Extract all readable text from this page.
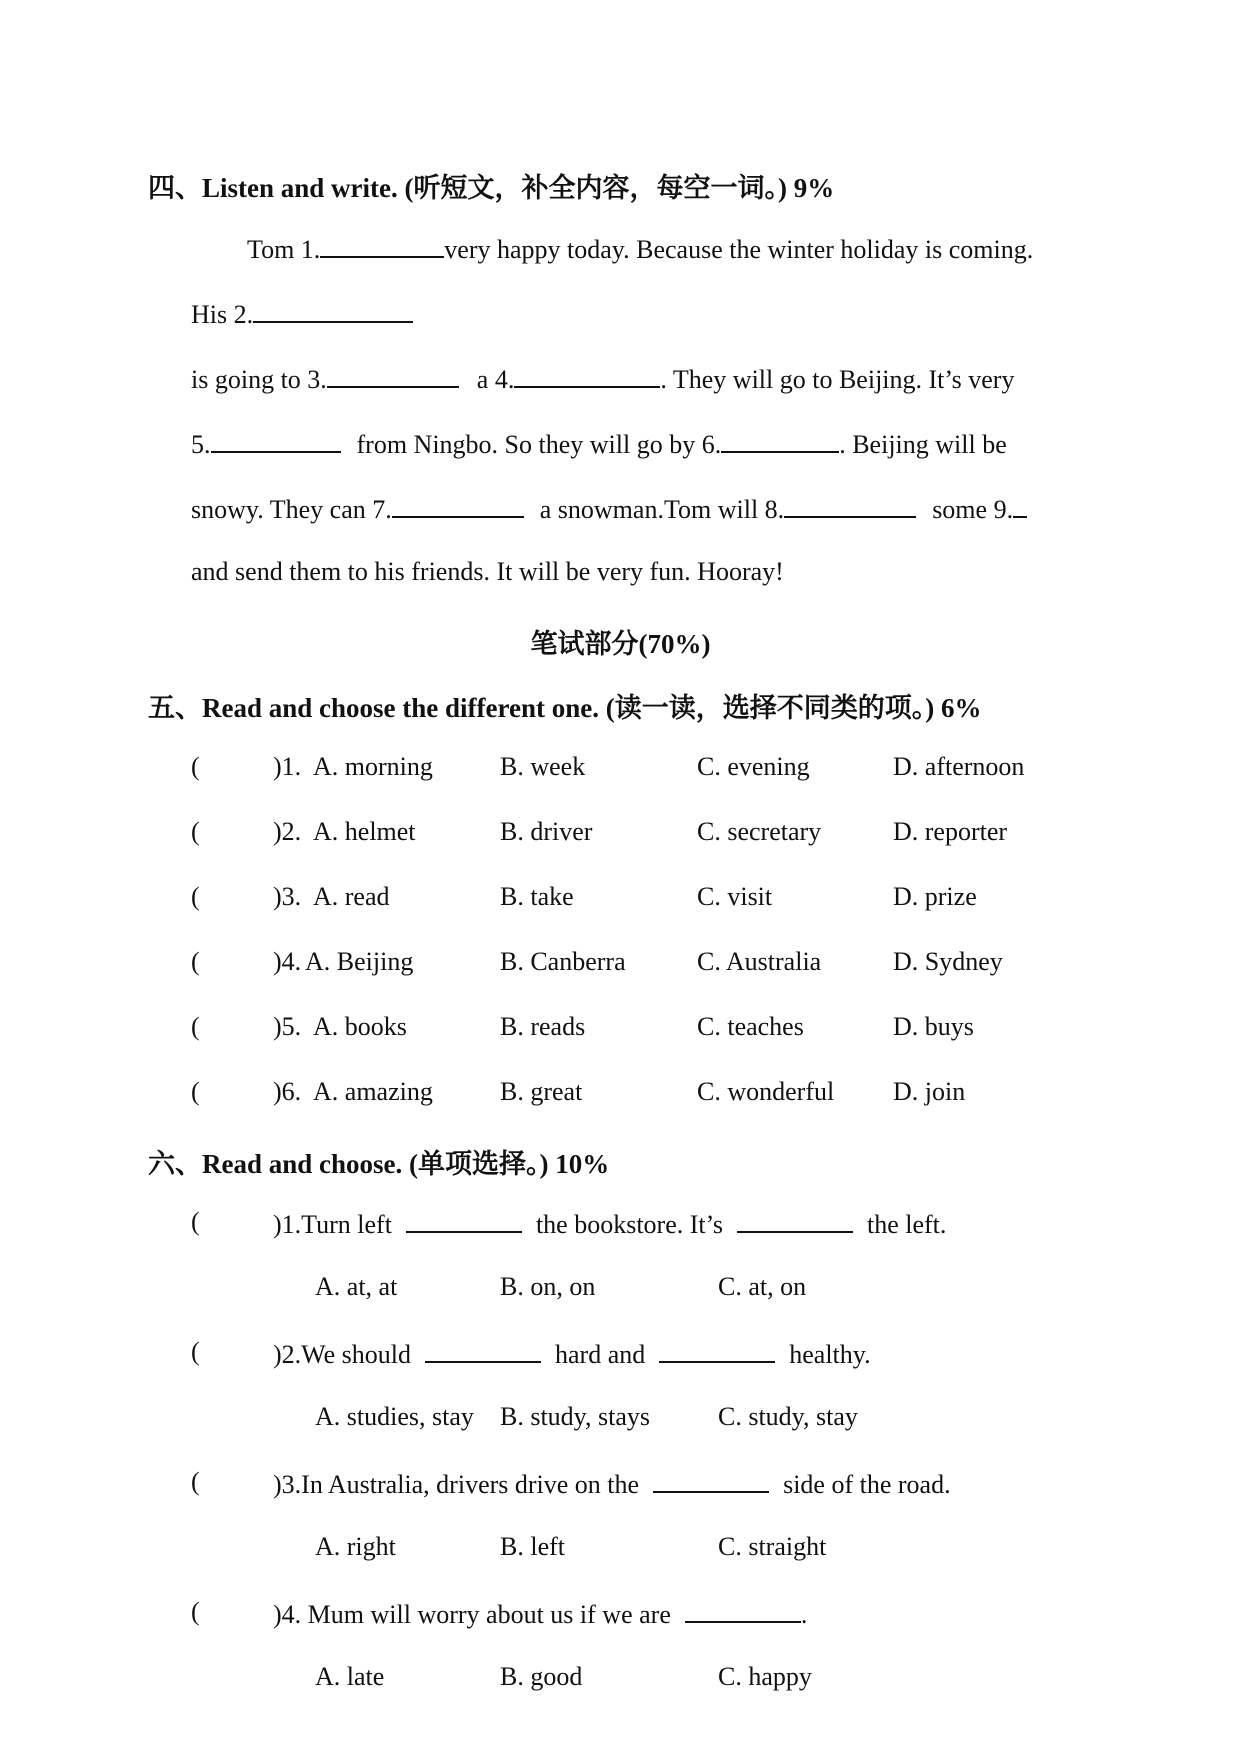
四、Listen and write. (听短文，补全内容，每空一词。) 9%
Tom 1.	very happy today. Because the winter holiday is coming.
His 2.
is going to 3.	a 4.	. They will go to Beijing. It’s very
5.	from Ningbo. So they will go by 6.	. Beijing will be
snowy. They can 7.	a snowman.Tom will 8.	some 9.
and send them to his friends. It will be very fun. Hooray!
笔试部分(70%)
五、Read and choose the different one. (读一读，选择不同类的项。) 6%
(	)1. A. morning	B. week	C. evening	D. afternoon
(	)2. A. helmet	B. driver	C. secretary	D. reporter
(	)3. A. read	B. take	C. visit	D. prize
(	)4. A. Beijing	B. Canberra	C. Australia	D. Sydney
(	)5. A. books	B. reads	C. teaches	D. buys
(	)6. A. amazing	B. great	C. wonderful D. join
六、Read and choose. (单项选择。) 10%
(	)1.Turn left	the bookstore. It’s	the left.
A. at, at	B. on, on	C. at, on
(	)2.We should	hard and	healthy.
A. studies, stay B. study, stays	C. study, stay
(	)3.In Australia, drivers drive on the	side of the road.
A. right	B. left	C. straight
(	)4. Mum will worry about us if we are	.
A. late	B. good	C. happy
